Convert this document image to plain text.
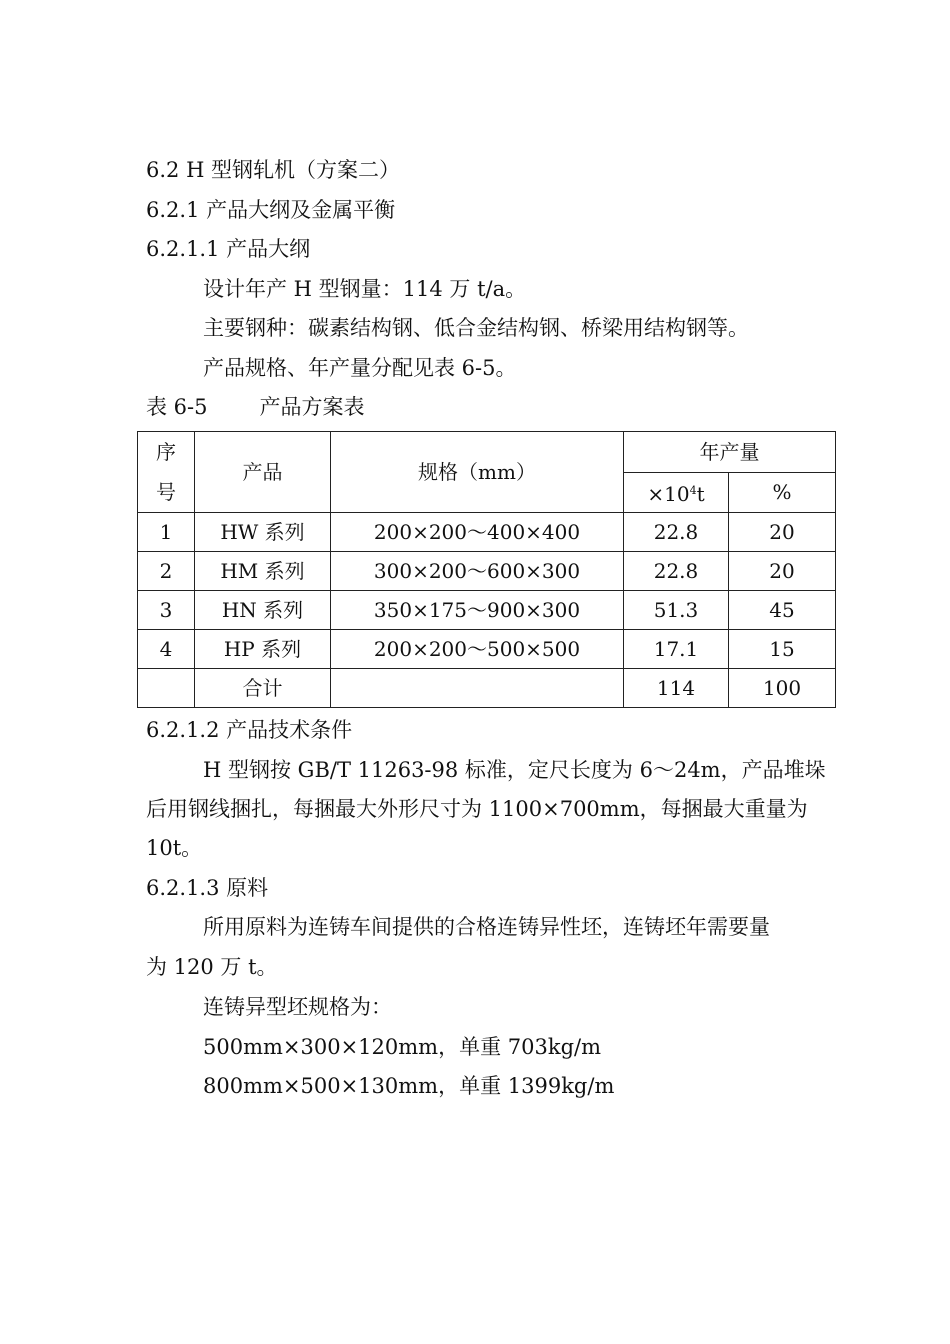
6.2 H 型钢轧机（方案二）
6.2.1 产品大纲及金属平衡
6.2.1.1 产品大纲
设计年产 H 型钢量：114 万 t/a。
主要钢种：碳素结构钢、低合金结构钢、桥梁用结构钢等。
产品规格、年产量分配见表 6-5。
表 6-5 产品方案表
序号	产品	规格（mm）	年产量	
			$\times 10^4t$	%
1	HW 系列	200×200～400×400	22.8	20
2	HM 系列	300×200～600×300	22.8	20
3	HN 系列	350×175～900×300	51.3	45
4	HP 系列	200×200～500×500	17.1	15
	合计		114	100
6.2.1.2 产品技术条件
H 型钢按 GB/T 11263-98 标准，定尺长度为 6～24m，产品堆垛
后用钢线捆扎，每捆最大外形尺寸为 1100×700mm，每捆最大重量为
10t。
6.2.1.3 原料
所用原料为连铸车间提供的合格连铸异性坯，连铸坯年需要量
为 120 万 t。
连铸异型坯规格为：
500mm×300×120mm，单重 703kg/m
800mm×500×130mm，单重 1399kg/m
